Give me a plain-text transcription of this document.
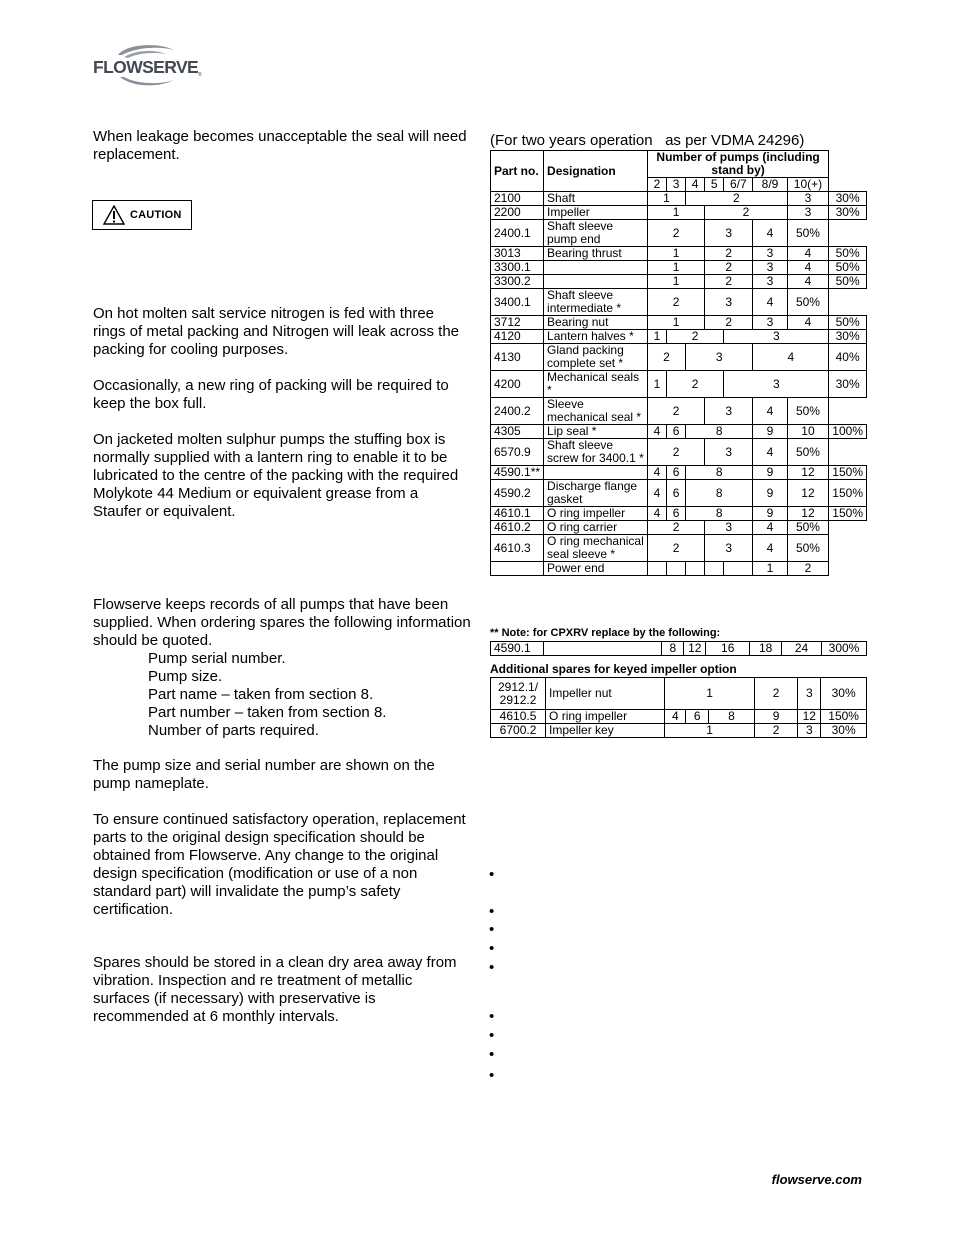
FLOWSERVE ®

When leakage becomes unacceptable the seal will need replacement.

CAUTION

On hot molten salt service nitrogen is fed with three rings of metal packing and Nitrogen will leak across the packing for cooling purposes.

Occasionally, a new ring of packing will be required to keep the box full.

On jacketed molten sulphur pumps the stuffing box is normally supplied with a lantern ring to enable it to be lubricated to the centre of the packing with the required Molykote 44 Medium or equivalent grease from a Staufer or equivalent.

Flowserve keeps records of all pumps that have been supplied. When ordering spares the following information should be quoted.

Pump serial number.
Pump size.
Part name – taken from section 8.
Part number – taken from section 8.
Number of parts required.

The pump size and serial number are shown on the pump nameplate.

To ensure continued satisfactory operation, replacement parts to the original design specification should be obtained from Flowserve. Any change to the original design specification (modification or use of a non standard part) will invalidate the pump’s safety certification.

Spares should be stored in a clean dry area away from vibration. Inspection and re treatment of metallic surfaces (if necessary) with preservative is recommended at 6 monthly intervals.

(For two years operation   as per VDMA 24296)
Part no.	Designation	Number of pumps (including stand by)							
		2	3	4	5	6/7	8/9	10(+)	
2100	Shaft	1		2				3	30%
2200	Impeller	1			2			3	30%
2400.1	Shaft sleeve pump end	2			3		4	50%	
3013	Bearing thrust	1			2		3	4	50%
3300.1		1			2		3	4	50%
3300.2		1			2		3	4	50%
3400.1	Shaft sleeve intermediate *	2			3		4	50%	
3712	Bearing nut	1			2		3	4	50%
4120	Lantern halves *	1	2			3			30%
4130	Gland packing complete set *	2		3			4		40%
4200	Mechanical seals *	1	2			3			30%
2400.2	Sleeve mechanical seal *	2			3		4	50%	
4305	Lip seal *	4	6	8			9	10	100%
6570.9	Shaft sleeve screw for 3400.1 *	2			3		4	50%	
4590.1**		4	6	8			9	12	150%
4590.2	Discharge flange gasket	4	6	8			9	12	150%
4610.1	O ring impeller	4	6	8			9	12	150%
4610.2	O ring carrier	2			3		4	50%	
4610.3	O ring mechanical seal sleeve *	2			3		4	50%	
	Power end						1	2	
** Note: for CPXRV replace by the following:
4590.1		8	12	16	18	24	300%
Additional spares for keyed impeller option
2912.1/ 2912.2	Impeller nut	1			2	3	30%
4610.5	O ring impeller	4	6	8	9	12	150%
6700.2	Impeller key	1			2	3	30%
•
•
•
•
•
•
•
•
•
flowserve.com
